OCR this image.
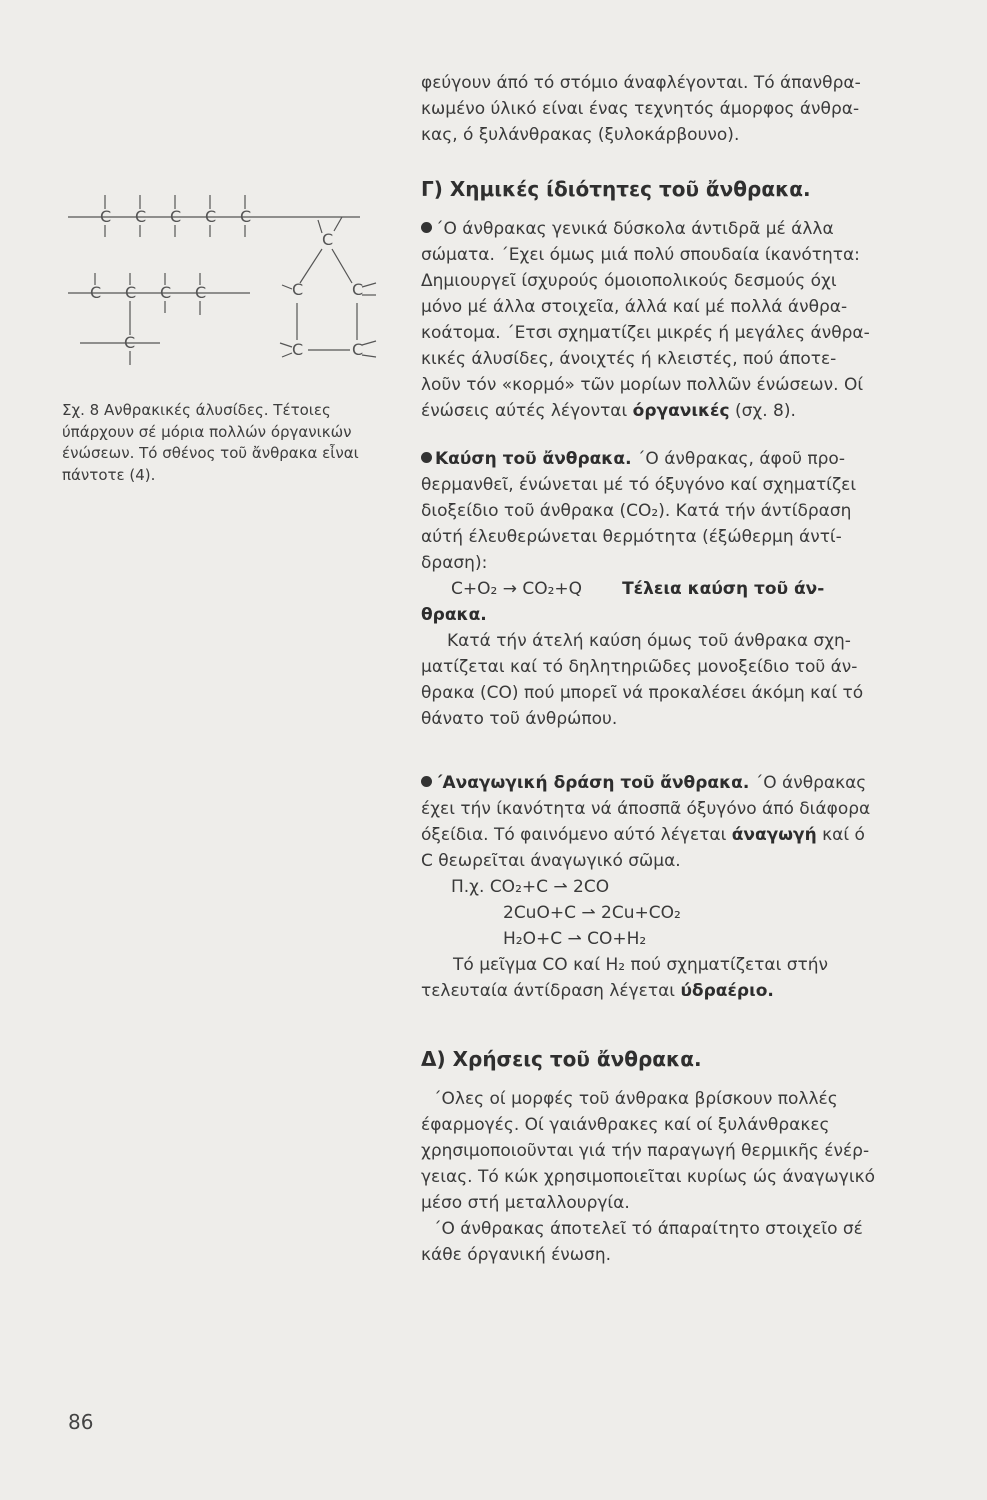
C C C C C
C C C C
C
C
C	C
C	C

Σχ. 8 Ανθρακικές άλυσίδες. Τέτοιες

ύπάρχουν σέ μόρια πολλών όργανικών

ένώσεων. Τό σθένος τοῦ ἄνθρακα εἶναι

πάντοτε (4).

φεύγουν άπό τό στόμιο άναφλέγονται. Τό άπανθρα-

κωμένο ύλικό είναι ένας τεχνητός άμορφος άνθρα-

κας, ό ξυλάνθρακας (ξυλοκάρβουνο).

Γ) Χημικές ίδιότητες τοῦ ἄνθρακα.

΄Ο άνθρακας γενικά δύσκολα άντιδρᾶ μέ άλλα

σώματα. ΄Εχει όμως μιά πολύ σπουδαία ίκανότητα:

Δημιουργεῖ ίσχυρούς όμοιοπολικούς δεσμούς όχι

μόνο μέ άλλα στοιχεῖα, άλλά καί μέ πολλά άνθρα-

κοάτομα. ΄Ετσι σχηματίζει μικρές ή μεγάλες άνθρα-

κικές άλυσίδες, άνοιχτές ή κλειστές, πού άποτε-

λοῦν τόν «κορμό» τῶν μορίων πολλῶν ένώσεων. Οί

ένώσεις αύτές λέγονται όργανικές (σχ. 8).

Καύση τοῦ ἄνθρακα. ΄Ο άνθρακας, άφοῦ προ-

θερμανθεῖ, ένώνεται μέ τό όξυγόνο καί σχηματίζει

διοξείδιο τοῦ άνθρακα (CO₂). Κατά τήν άντίδραση

αύτή έλευθερώνεται θερμότητα (έξώθερμη άντί-

δραση):

C+O₂ → CO₂+Q Τέλεια καύση τοῦ άν-

θρακα.

Κατά τήν άτελή καύση όμως τοῦ άνθρακα σχη-

ματίζεται καί τό δηλητηριῶδες μονοξείδιο τοῦ άν-

θρακα (CO) πού μπορεῖ νά προκαλέσει άκόμη καί τό

θάνατο τοῦ άνθρώπου.

΄Αναγωγική δράση τοῦ ἄνθρακα. ΄Ο άνθρακας

έχει τήν ίκανότητα νά άποσπᾶ όξυγόνο άπό διάφορα

όξείδια. Τό φαινόμενο αύτό λέγεται άναγωγή καί ό

C θεωρεῖται άναγωγικό σῶμα.

Π.χ. CO₂+C ⇀ 2CO

2CuO+C ⇀ 2Cu+CO₂

H₂O+C ⇀ CO+H₂

Τό μεῖγμα CO καί H₂ πού σχηματίζεται στήν

τελευταία άντίδραση λέγεται ύδραέριο.

Δ) Χρήσεις τοῦ ἄνθρακα.

΄Ολες οί μορφές τοῦ άνθρακα βρίσκουν πολλές

έφαρμογές. Οί γαιάνθρακες καί οί ξυλάνθρακες

χρησιμοποιοῦνται γιά τήν παραγωγή θερμικῆς ένέρ-

γειας. Τό κώκ χρησιμοποιεῖται κυρίως ώς άναγωγικό

μέσο στή μεταλλουργία.

΄Ο άνθρακας άποτελεῖ τό άπαραίτητο στοιχεῖο σέ

κάθε όργανική ένωση.

86
